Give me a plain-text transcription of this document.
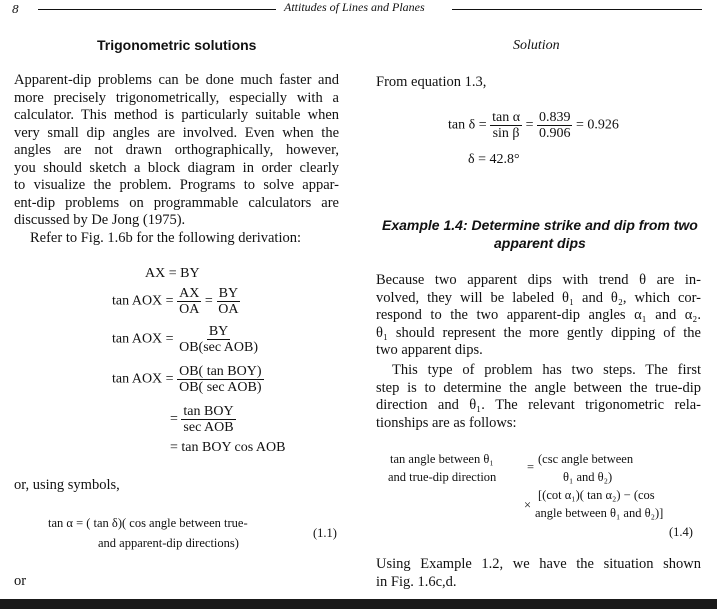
8	Attitudes of Lines and Planes
Trigonometric solutions
Apparent-dip problems can be done much faster and
more precisely trigonometrically, especially with a
calculator. This method is particularly suitable when
very small dip angles are involved. Even when the
angles are not drawn orthographically, however,
you should sketch a block diagram in order clearly
to visualize the problem. Programs to solve appar-
ent-dip problems on programmable calculators are
discussed by De Jong (1975).
Refer to Fig. 1.6b for the following derivation:
AX = BY
tan AOX = $\frac{AX}{OA} = \frac{BY}{OA}$
tan AOX = $\frac{BY}{\text{OB(sec AOB)}}$
tan AOX = $\frac{\text{OB( tan BOY)}}{\text{OB( sec AOB)}}$
= $\frac{\text{tan BOY}}{\text{sec AOB}}$
= tan BOY cos AOB
or, using symbols,
tan α = ( tan δ)( cos angle between true-
and apparent-dip directions)
(1.1)
or
Solution
From equation 1.3,
$\tan \delta = \frac{\text{tan α}}{\text{sin β}} = \frac{0.839}{0.906} = 0.926$
δ = 42.8°
Example 1.4: Determine strike and dip from two
apparent dips
Because two apparent dips with trend θ are in-
volved, they will be labeled θ₁ and θ₂, which cor-
respond to the two apparent-dip angles α₁ and α₂.
θ₁ should represent the more gently dipping of the
two apparent dips.
This type of problem has two steps. The first
step is to determine the angle between the true-dip
direction and θ₁. The relevant trigonometric rela-
tionships are as follows:
tan angle between θ₁
and true-dip direction
=
(csc angle between
θ₁ and θ₂)
×
[(cot α₁)( tan α₂) − (cos
angle between θ₁ and θ₂)]
(1.4)
Using Example 1.2, we have the situation shown
in Fig. 1.6c,d.
